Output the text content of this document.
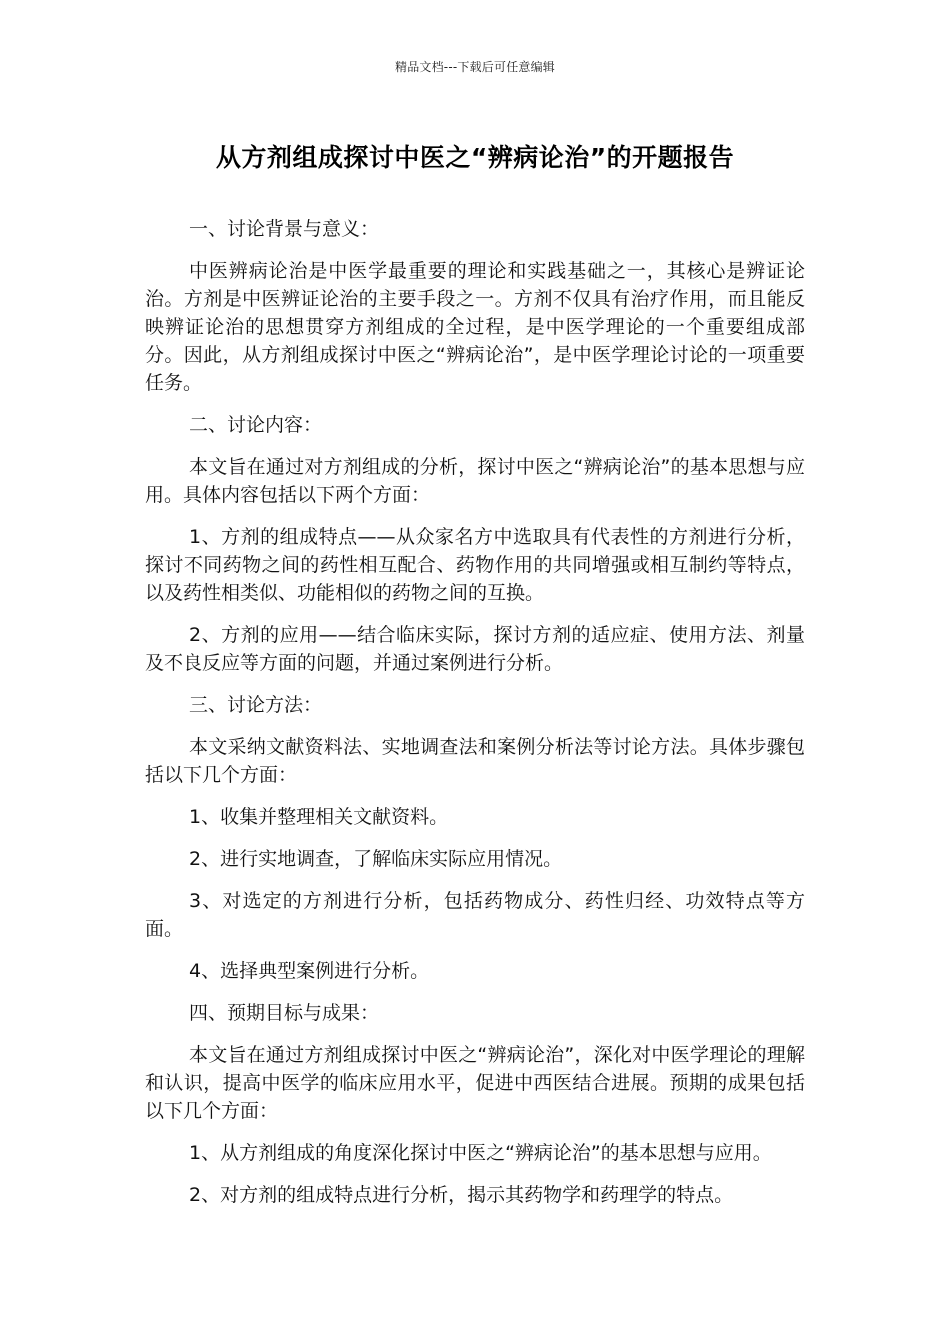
精品文档---下载后可任意编辑
从方剂组成探讨中医之“辨病论治”的开题报告
一、讨论背景与意义：

中医辨病论治是中医学最重要的理论和实践基础之一，其核心是辨证论治。方剂是中医辨证论治的主要手段之一。方剂不仅具有治疗作用，而且能反映辨证论治的思想贯穿方剂组成的全过程，是中医学理论的一个重要组成部分。因此，从方剂组成探讨中医之“辨病论治”，是中医学理论讨论的一项重要任务。

二、讨论内容：

本文旨在通过对方剂组成的分析，探讨中医之“辨病论治”的基本思想与应用。具体内容包括以下两个方面：

1、方剂的组成特点——从众家名方中选取具有代表性的方剂进行分析，探讨不同药物之间的药性相互配合、药物作用的共同增强或相互制约等特点，以及药性相类似、功能相似的药物之间的互换。

2、方剂的应用——结合临床实际，探讨方剂的适应症、使用方法、剂量及不良反应等方面的问题，并通过案例进行分析。

三、讨论方法：

本文采纳文献资料法、实地调查法和案例分析法等讨论方法。具体步骤包括以下几个方面：

1、收集并整理相关文献资料。

2、进行实地调查，了解临床实际应用情况。

3、对选定的方剂进行分析，包括药物成分、药性归经、功效特点等方面。

4、选择典型案例进行分析。

四、预期目标与成果：

本文旨在通过方剂组成探讨中医之“辨病论治”，深化对中医学理论的理解和认识，提高中医学的临床应用水平，促进中西医结合进展。预期的成果包括以下几个方面：

1、从方剂组成的角度深化探讨中医之“辨病论治”的基本思想与应用。

2、对方剂的组成特点进行分析，揭示其药物学和药理学的特点。
